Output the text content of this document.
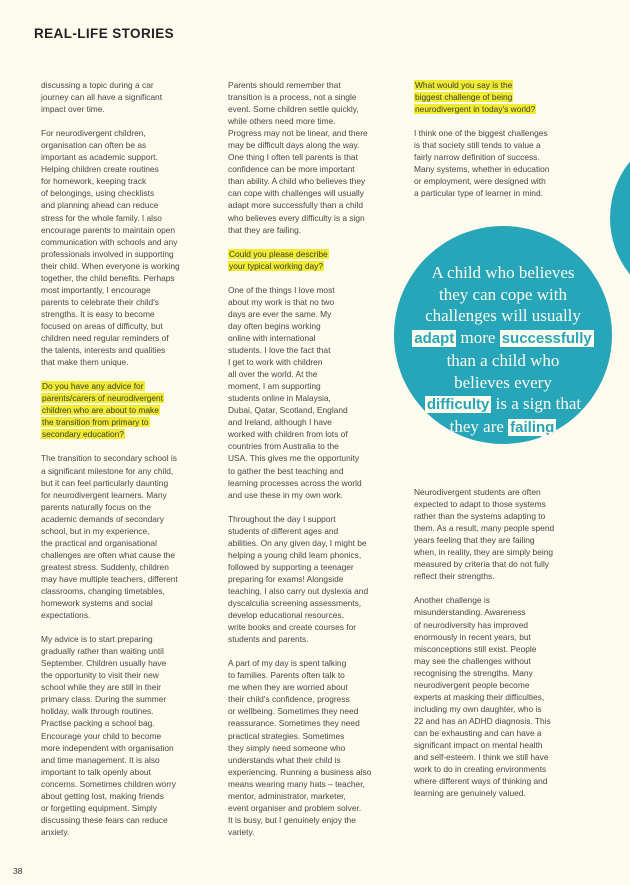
REAL-LIFE STORIES

discussing a topic during a car
journey can all have a significant
impact over time.

For neurodivergent children,
organisation can often be as
important as academic support.
Helping children create routines
for homework, keeping track
of belongings, using checklists
and planning ahead can reduce
stress for the whole family. I also
encourage parents to maintain open
communication with schools and any
professionals involved in supporting
their child. When everyone is working
together, the child benefits. Perhaps
most importantly, I encourage
parents to celebrate their child's
strengths. It is easy to become
focused on areas of difficulty, but
children need regular reminders of
the talents, interests and qualities
that make them unique.

Do you have any advice for
parents/carers of neurodivergent
children who are about to make
the transition from primary to
secondary education?

The transition to secondary school is
a significant milestone for any child,
but it can feel particularly daunting
for neurodivergent learners. Many
parents naturally focus on the
academic demands of secondary
school, but in my experience,
the practical and organisational
challenges are often what cause the
greatest stress. Suddenly, children
may have multiple teachers, different
classrooms, changing timetables,
homework systems and social
expectations.

My advice is to start preparing
gradually rather than waiting until
September. Children usually have
the opportunity to visit their new
school while they are still in their
primary class. During the summer
holiday, walk through routines.
Practise packing a school bag.
Encourage your child to become
more independent with organisation
and time management. It is also
important to talk openly about
concerns. Sometimes children worry
about getting lost, making friends
or forgetting equipment. Simply
discussing these fears can reduce
anxiety.

Parents should remember that
transition is a process, not a single
event. Some children settle quickly,
while others need more time.
Progress may not be linear, and there
may be difficult days along the way.
One thing I often tell parents is that
confidence can be more important
than ability. A child who believes they
can cope with challenges will usually
adapt more successfully than a child
who believes every difficulty is a sign
that they are failing.

Could you please describe
your typical working day?

One of the things I love most
about my work is that no two
days are ever the same. My
day often begins working
online with international
students. I love the fact that
I get to work with children
all over the world. At the
moment, I am supporting
students online in Malaysia,
Dubai, Qatar, Scotland, England
and Ireland, although I have
worked with children from lots of
countries from Australia to the
USA. This gives me the opportunity
to gather the best teaching and
learning processes across the world
and use these in my own work.

Throughout the day I support
students of different ages and
abilities. On any given day, I might be
helping a young child learn phonics,
followed by supporting a teenager
preparing for exams! Alongside
teaching, I also carry out dyslexia and
dyscalculia screening assessments,
develop educational resources,
write books and create courses for
students and parents.

A part of my day is spent talking
to families. Parents often talk to
me when they are worried about
their child's confidence, progress
or wellbeing. Sometimes they need
reassurance. Sometimes they need
practical strategies. Sometimes
they simply need someone who
understands what their child is
experiencing. Running a business also
means wearing many hats – teacher,
mentor, administrator, marketer,
event organiser and problem solver.
It is busy, but I genuinely enjoy the
variety.

What would you say is the
biggest challenge of being
neurodivergent in today's world?

I think one of the biggest challenges
is that society still tends to value a
fairly narrow definition of success.
Many systems, whether in education
or employment, were designed with
a particular type of learner in mind.

“ A child who believes
they can cope with
challenges will usually
adapt more successfully
than a child who
believes every
difficulty is a sign that
they are failing
”

Neurodivergent students are often
expected to adapt to those systems
rather than the systems adapting to
them. As a result, many people spend
years feeling that they are failing
when, in reality, they are simply being
measured by criteria that do not fully
reflect their strengths.

Another challenge is
misunderstanding. Awareness
of neurodiversity has improved
enormously in recent years, but
misconceptions still exist. People
may see the challenges without
recognising the strengths. Many
neurodivergent people become
experts at masking their difficulties,
including my own daughter, who is
22 and has an ADHD diagnosis. This
can be exhausting and can have a
significant impact on mental health
and self-esteem. I think we still have
work to do in creating environments
where different ways of thinking and
learning are genuinely valued.

38
